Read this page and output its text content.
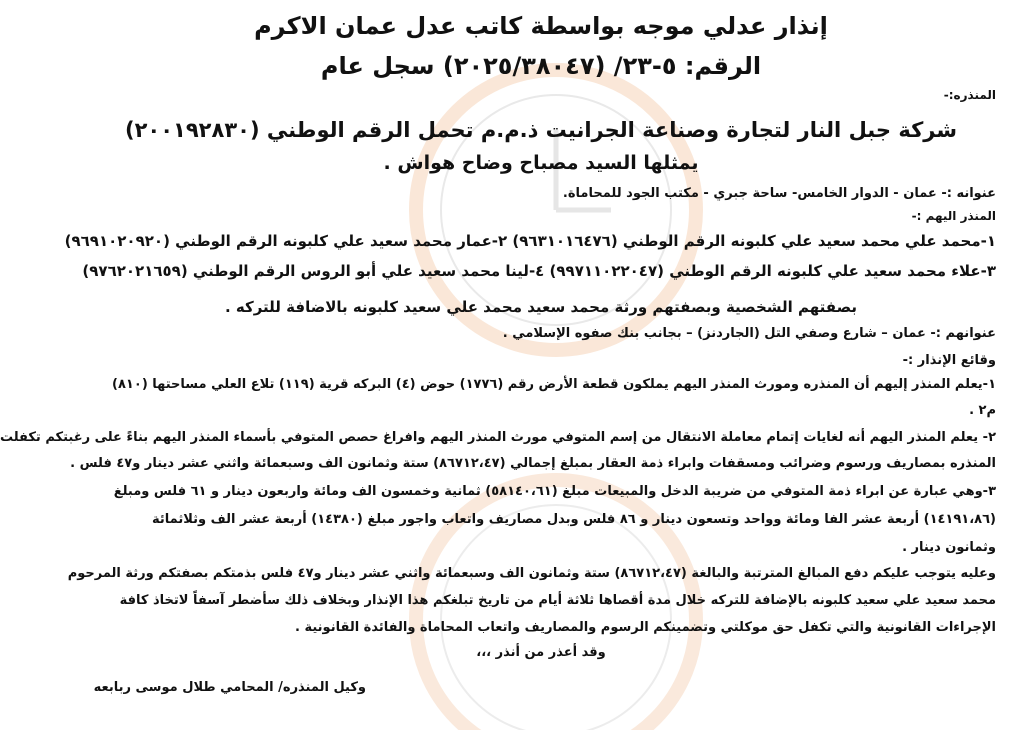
إنذار عدلي موجه بواسطة كاتب عدل عمان الاكرم
الرقم: ٥-٢٣/ (٢٠٢٥/٣٨٠٤٧) سجل عام
المنذره:-
شركة جبل النار لتجارة وصناعة الجرانيت ذ.م.م تحمل الرقم الوطني (٢٠٠١٩٢٨٣٠)
يمثلها السيد مصباح وضاح هواش .
عنوانه :- عمان - الدوار الخامس- ساحة جبري - مكتب الجود للمحاماة.
المنذر اليهم :-
١-محمد علي محمد سعيد علي كلبونه الرقم الوطني (٩٦٣١٠١٦٤٧٦) ٢-عمار محمد سعيد علي كلبونه الرقم الوطني (٩٦٩١٠٢٠٩٢٠)
٣-علاء محمد سعيد علي كلبونه الرقم الوطني (٩٩٧١١٠٢٢٠٤٧) ٤-لينا محمد سعيد علي أبو الروس الرقم الوطني (٩٧٦٢٠٢١٦٥٩)
بصفتهم الشخصية وبصفتهم ورثة محمد سعيد محمد علي سعيد كلبونه بالاضافة للتركه .
عنوانهم :- عمان – شارع وصفي التل (الجاردنز) – بجانب بنك صفوه الإسلامي .
وقائع الإنذار :-
١-يعلم المنذر إليهم أن المنذره ومورث المنذر اليهم يملكون قطعة الأرض رقم (١٧٧٦) حوض (٤) البركه قرية (١١٩) تلاع العلي مساحتها (٨١٠)
م٢ .
٢- يعلم المنذر اليهم أنه لغايات إتمام معاملة الانتقال من إسم المتوفي مورث المنذر اليهم وافراغ حصص المتوفي بأسماء المنذر اليهم بناءً على رغبتكم تكفلت
المنذره بمصاريف ورسوم وضرائب ومسقفات وابراء ذمة العقار بمبلغ إجمالي (٨٦٧١٢،٤٧) ستة وثمانون الف وسبعمائة واثني عشر دينار و٤٧ فلس .
٣-وهي عبارة عن ابراء ذمة المتوفي من ضريبة الدخل والمبيعات مبلغ (٥٨١٤٠،٦١) ثمانية وخمسون الف ومائة واربعون دينار و ٦١ فلس ومبلغ
(١٤١٩١،٨٦) أربعة عشر الفا ومائة وواحد وتسعون دينار و ٨٦ فلس وبدل مصاريف واتعاب واجور مبلغ (١٤٣٨٠) أربعة عشر الف وثلاثمائة
وثمانون دينار .
وعليه يتوجب عليكم دفع المبالغ المترتبة والبالغة (٨٦٧١٢،٤٧) ستة وثمانون الف وسبعمائة واثني عشر دينار و٤٧ فلس بذمتكم بصفتكم ورثة المرحوم
محمد سعيد علي سعيد كلبونه بالإضافة للتركه خلال مدة أقصاها ثلاثة أيام من تاريخ تبلغكم هذا الإنذار وبخلاف ذلك سأضطر آسفاً لاتخاذ كافة
الإجراءات القانونية والتي تكفل حق موكلتي وتضمينكم الرسوم والمصاريف واتعاب المحاماة والفائدة القانونية .
وقد أعذر من أنذر ،،،
وكيل المنذره/ المحامي طلال موسى ربابعه
